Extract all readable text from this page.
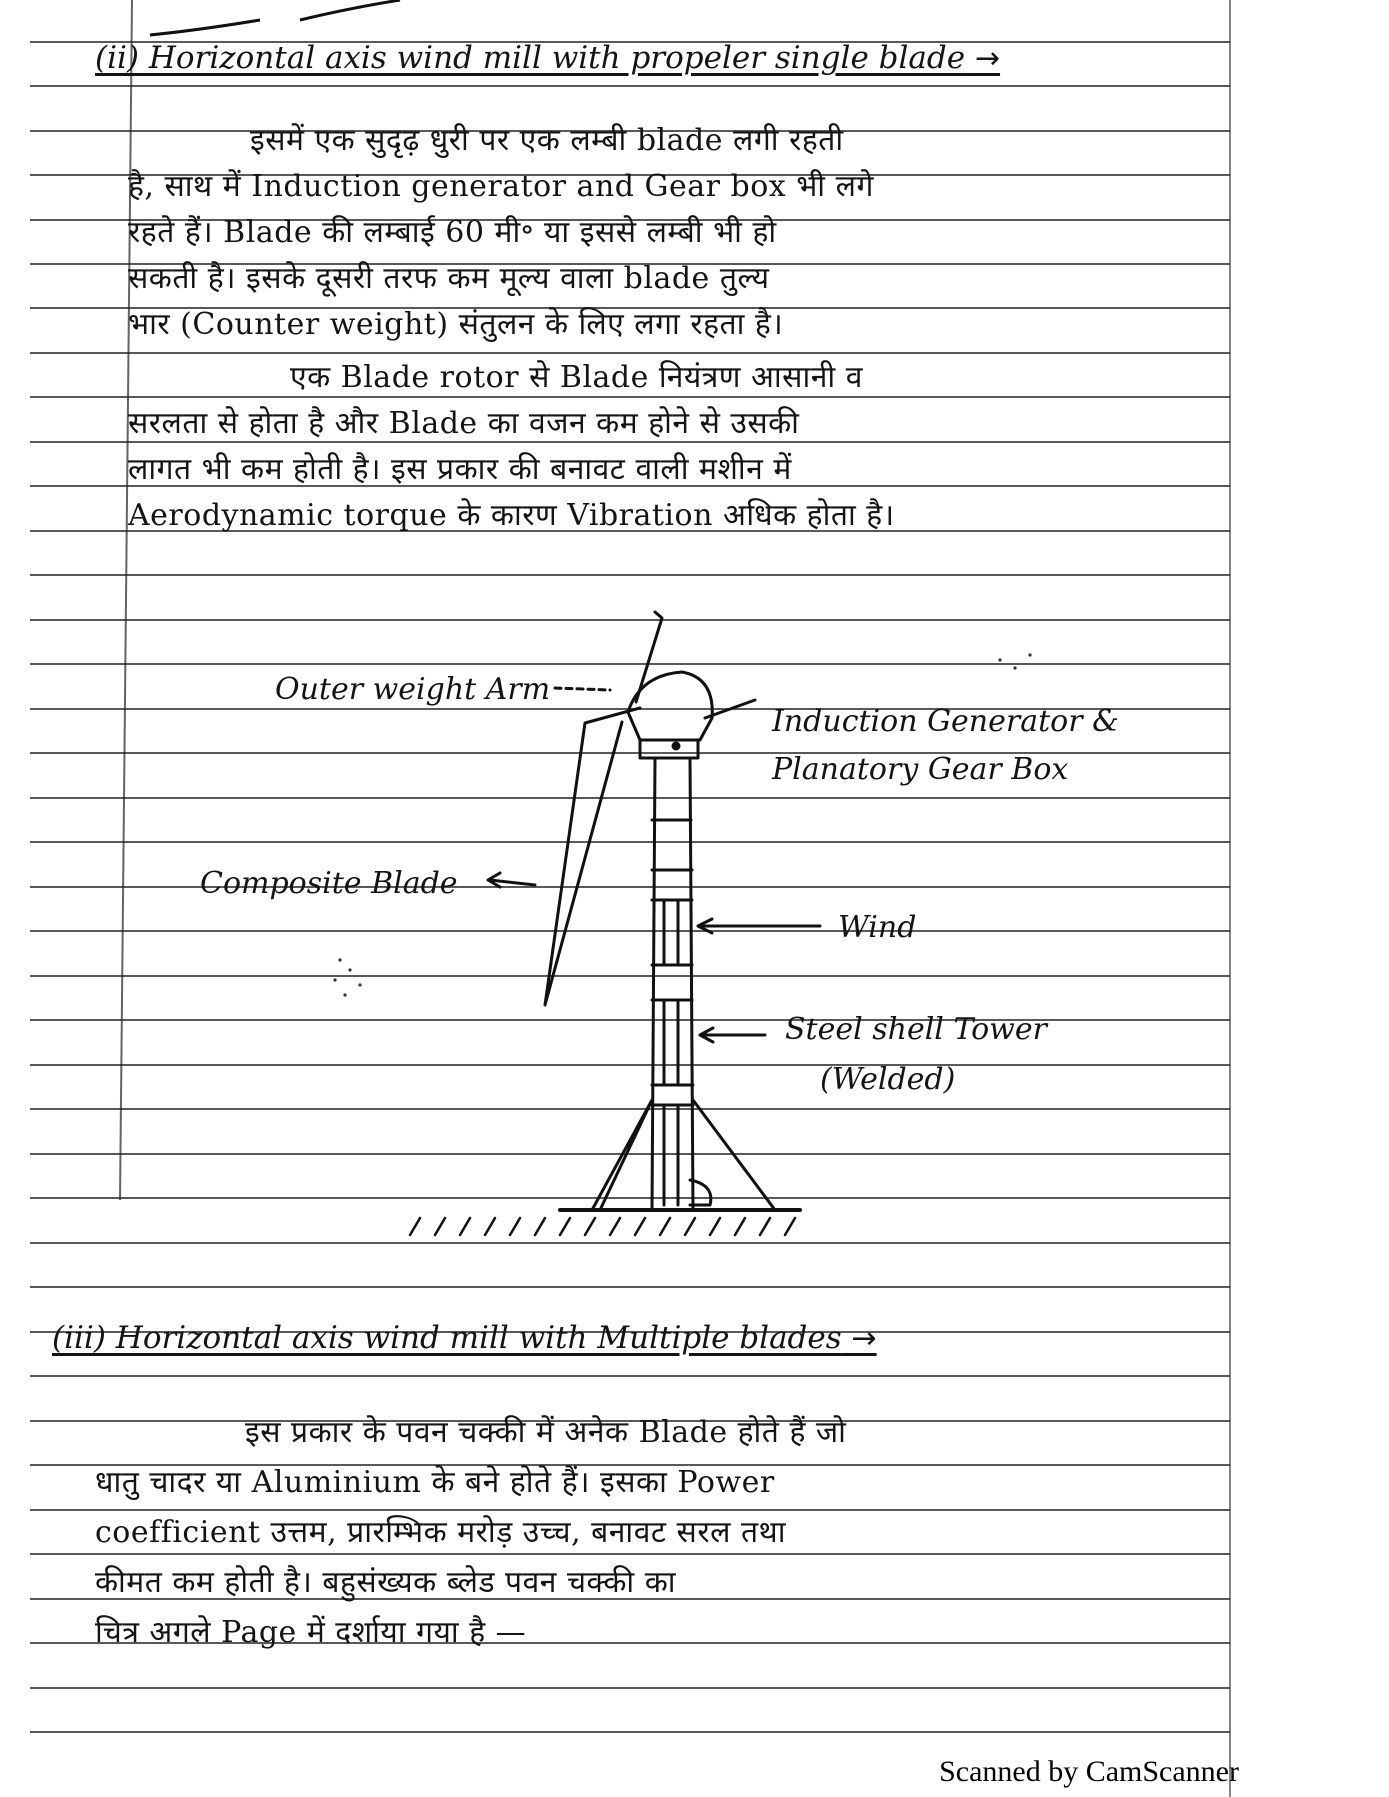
(ii) Horizontal axis wind mill with propeler single blade →
इसमें एक सुदृढ़ धुरी पर एक लम्बी blade लगी रहती
है, साथ में Induction generator and Gear box भी लगे
रहते हैं। Blade की लम्बाई 60 मी॰ या इससे लम्बी भी हो
सकती है। इसके दूसरी तरफ कम मूल्य वाला blade तुल्य
भार (Counter weight) संतुलन के लिए लगा रहता है।
एक Blade rotor से Blade नियंत्रण आसानी व
सरलता से होता है और Blade का वजन कम होने से उसकी
लागत भी कम होती है। इस प्रकार की बनावट वाली मशीन में
Aerodynamic torque के कारण Vibration अधिक होता है।
Outer weight Arm
Induction Generator &
Planatory Gear Box
Composite Blade
Wind
Steel shell Tower
(Welded)
(iii) Horizontal axis wind mill with Multiple blades →
इस प्रकार के पवन चक्की में अनेक Blade होते हैं जो
धातु चादर या Aluminium के बने होते हैं। इसका Power
coefficient उत्तम, प्रारम्भिक मरोड़ उच्च, बनावट सरल तथा
कीमत कम होती है। बहुसंख्यक ब्लेड पवन चक्की का
चित्र अगले Page में दर्शाया गया है —
Scanned by CamScanner
